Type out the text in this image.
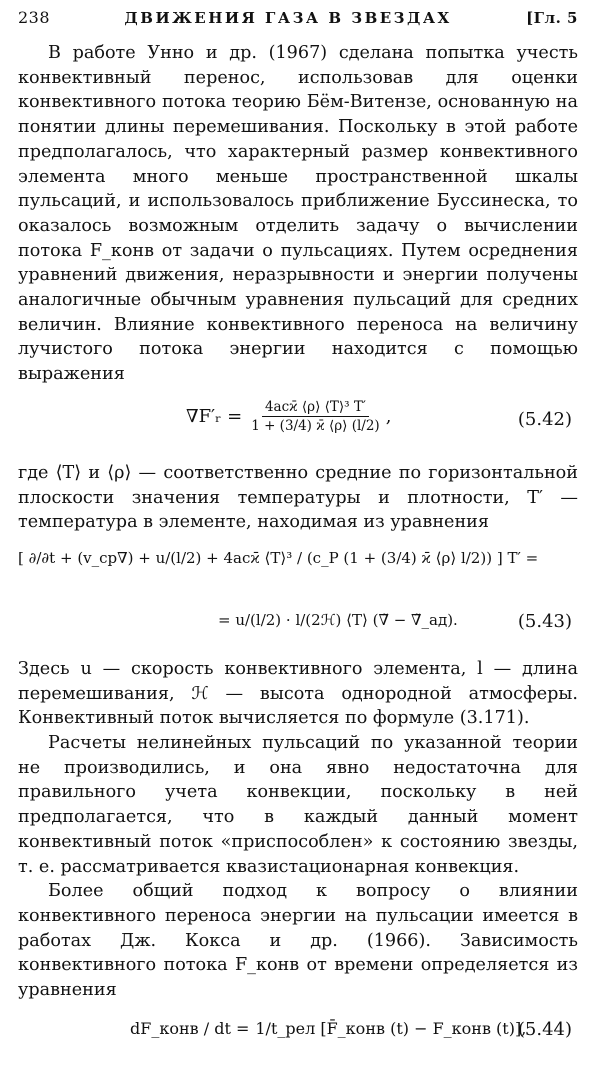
238	ДВИЖЕНИЯ ГАЗА В ЗВЕЗДАХ	[Гл. 5

В работе Унно и др. (1967) сделана попытка учесть конвективный перенос, использовав для оценки конвективного потока теорию Бём-Витензе, основанную на понятии длины перемешивания. Поскольку в этой работе предполагалось, что характерный размер конвективного элемента много меньше пространственной шкалы пульсаций, и использовалось приближение Буссинеска, то оказалось возможным отделить задачу о вычислении потока F_конв от задачи о пульсациях. Путем осреднения уравнений движения, неразрывности и энергии получены аналогичные обычным уравнения пульсаций для средних величин. Влияние конвективного переноса на величину лучистого потока энергии находится с помощью выражения

∇F′ᵣ = $\frac{\text{4acϰ̄ ⟨ρ⟩ ⟨T⟩³ T′}}{1 + (3/4) ϰ̄ ⟨\rho⟩ (l/2)}$ ,	(5.42)

где ⟨T⟩ и ⟨ρ⟩ — соответственно средние по горизонтальной плоскости значения температуры и плотности, T′ — температура в элементе, находимая из уравнения

[ ∂/∂t + (v_ср∇) + u/(l/2) + 4acϰ̄ ⟨T⟩³ / (c_P (1 + (3/4) ϰ̄ ⟨ρ⟩ l/2)) ] T′ =
= u/(l/2) · l/(2ℋ) ⟨T⟩ (∇̃ − ∇̃_ад).	(5.43)

Здесь u — скорость конвективного элемента, l — длина перемешивания, ℋ — высота однородной атмосферы. Конвективный поток вычисляется по формуле (3.171).

Расчеты нелинейных пульсаций по указанной теории не производились, и она явно недостаточна для правильного учета конвекции, поскольку в ней предполагается, что в каждый данный момент конвективный поток «приспособлен» к состоянию звезды, т. е. рассматривается квазистационарная конвекция.

Более общий подход к вопросу о влиянии конвективного переноса энергии на пульсации имеется в работах Дж. Кокса и др. (1966). Зависимость конвективного потока F_конв от времени определяется из уравнения

dF_конв / dt = 1/t_рел [F̄_конв (t) − F_конв (t)],
(5.44)
